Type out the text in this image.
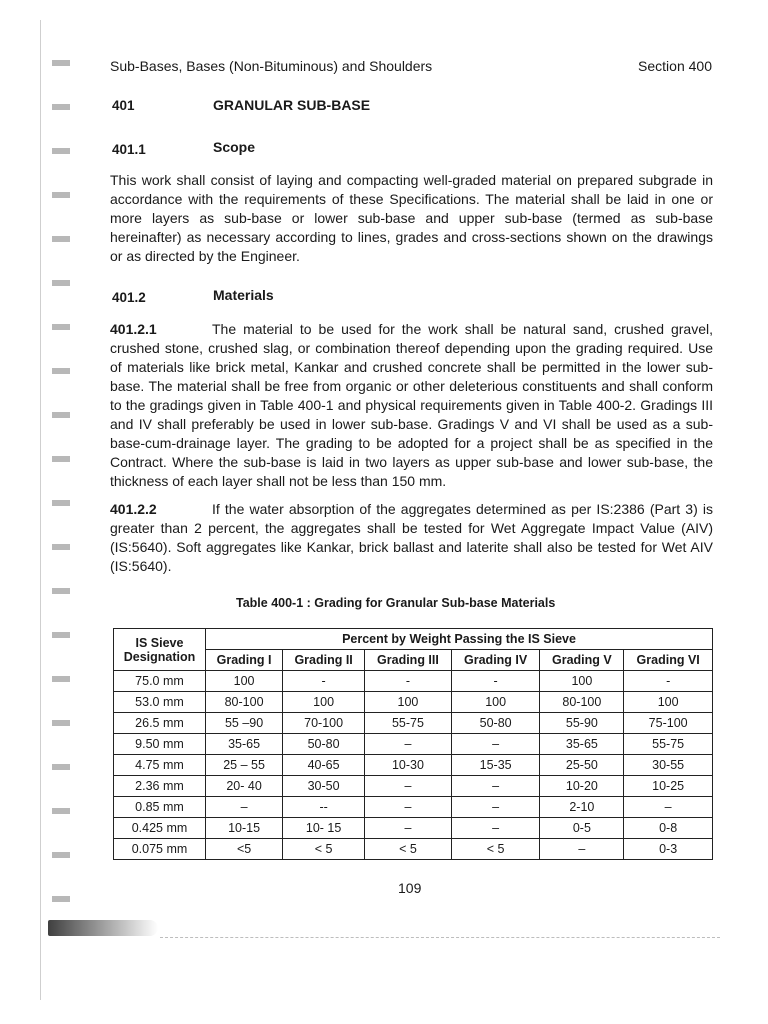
Sub-Bases, Bases (Non-Bituminous) and Shoulders	Section 400
401	GRANULAR SUB-BASE
401.1	Scope

This work shall consist of laying and compacting well-graded material on prepared subgrade in accordance with the requirements of these Specifications. The material shall be laid in one or more layers as sub-base or lower sub-base and upper sub-base (termed as sub-base hereinafter) as necessary according to lines, grades and cross-sections shown on the drawings or as directed by the Engineer.

401.2	Materials

401.2.1	The material to be used for the work shall be natural sand, crushed gravel, crushed stone, crushed slag, or combination thereof depending upon the grading required. Use of materials like brick metal, Kankar and crushed concrete shall be permitted in the lower sub-base. The material shall be free from organic or other deleterious constituents and shall conform to the gradings given in Table 400-1 and physical requirements given in Table 400-2. Gradings III and IV shall preferably be used in lower sub-base. Gradings V and VI shall be used as a sub-base-cum-drainage layer. The grading to be adopted for a project shall be as specified in the Contract. Where the sub-base is laid in two layers as upper sub-base and lower sub-base, the thickness of each layer shall not be less than 150 mm.

401.2.2	If the water absorption of the aggregates determined as per IS:2386 (Part 3) is greater than 2 percent, the aggregates shall be tested for Wet Aggregate Impact Value (AIV) (IS:5640). Soft aggregates like Kankar, brick ballast and laterite shall also be tested for Wet AIV (IS:5640).

Table 400-1 : Grading for Granular Sub-base Materials
IS Sieve
Designation	Percent by Weight Passing the IS Sieve					
	Grading I	Grading II	Grading III	Grading IV	Grading V	Grading VI
75.0 mm	100	-	-	-	100	-
53.0 mm	80-100	100	100	100	80-100	100
26.5 mm	55 –90	70-100	55-75	50-80	55-90	75-100
9.50 mm	35-65	50-80	–	–	35-65	55-75
4.75 mm	25 – 55	40-65	10-30	15-35	25-50	30-55
2.36 mm	20- 40	30-50	–	–	10-20	10-25
0.85 mm	–	--	–	–	2-10	–
0.425 mm	10-15	10- 15	–	–	0-5	0-8
0.075 mm	<5	< 5	< 5	< 5	–	0-3
109
